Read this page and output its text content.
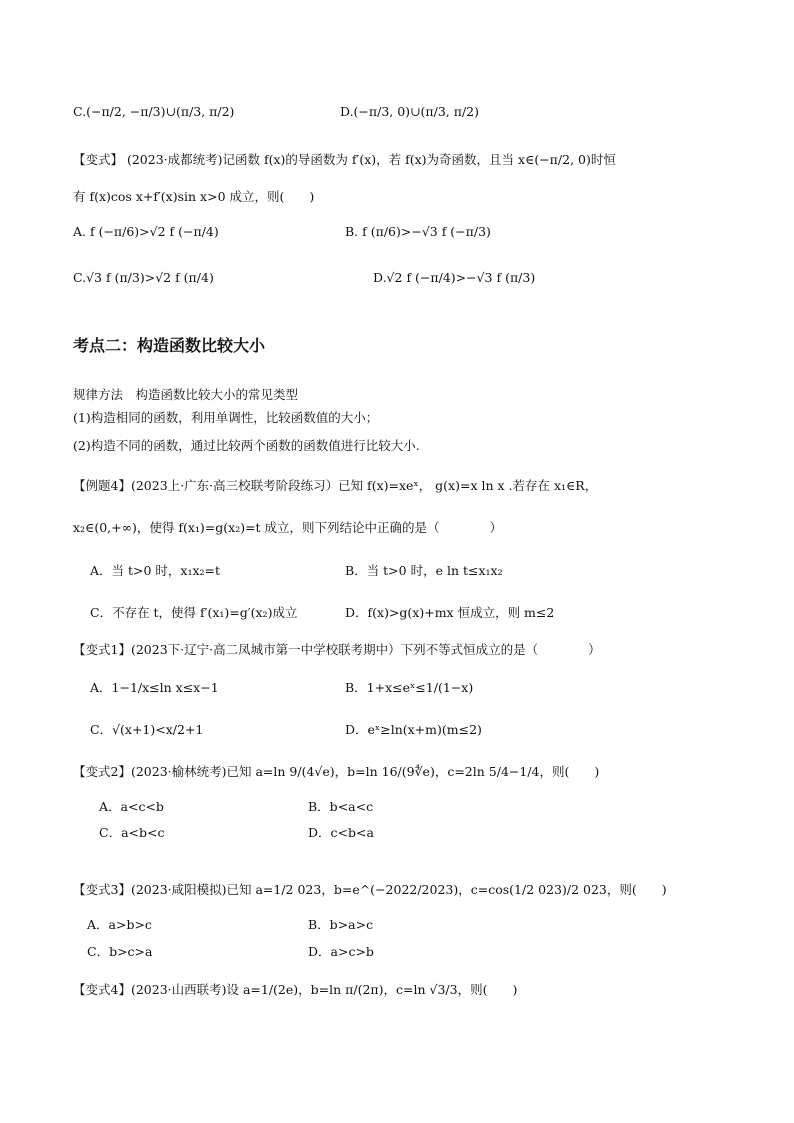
C.(−π/2, −π/3)∪(π/3, π/2)	D.(−π/3, 0)∪(π/3, π/2)
【变式】 (2023·成都统考)记函数 f(x)的导函数为 f′(x)，若 f(x)为奇函数，且当 x∈(−π/2, 0)时恒
有 f(x)cos x+f′(x)sin x>0 成立，则(　　)
A. f (−π/6)>√2 f (−π/4)	B. f (π/6)>−√3 f (−π/3)
C.√3 f (π/3)>√2 f (π/4)	D.√2 f (−π/4)>−√3 f (π/3)
考点二：构造函数比较大小
规律方法　构造函数比较大小的常见类型
(1)构造相同的函数，利用单调性，比较函数值的大小；
(2)构造不同的函数，通过比较两个函数的函数值进行比较大小.
【例题4】(2023上·广东·高三校联考阶段练习）已知 f(x)=xeˣ， g(x)=x ln x .若存在 x₁∈R，
x₂∈(0,+∞)，使得 f(x₁)=g(x₂)=t 成立，则下列结论中正确的是（　　　　）
A．当 t>0 时，x₁x₂=t	B．当 t>0 时，e ln t≤x₁x₂
C．不存在 t，使得 f′(x₁)=g′(x₂)成立	D．f(x)>g(x)+mx 恒成立，则 m≤2
【变式1】(2023下·辽宁·高二凤城市第一中学校联考期中）下列不等式恒成立的是（　　　　）
A．1−1/x≤ln x≤x−1	B．1+x≤eˣ≤1/(1−x)
C．√(x+1)<x/2+1	D．eˣ≥ln(x+m)(m≤2)
【变式2】(2023·榆林统考)已知 a=ln 9/(4√e)，b=ln 16/(9∜e)，c=2ln 5/4−1/4，则(　　)
A．a<c<b	B．b<a<c
C．a<b<c	D．c<b<a
【变式3】(2023·咸阳模拟)已知 a=1/2 023，b=e^(−2022/2023)，c=cos(1/2 023)/2 023，则(　　)
A．a>b>c	B．b>a>c
C．b>c>a	D．a>c>b
【变式4】(2023·山西联考)设 a=1/(2e)，b=ln π/(2π)，c=ln √3/3，则(　　)
